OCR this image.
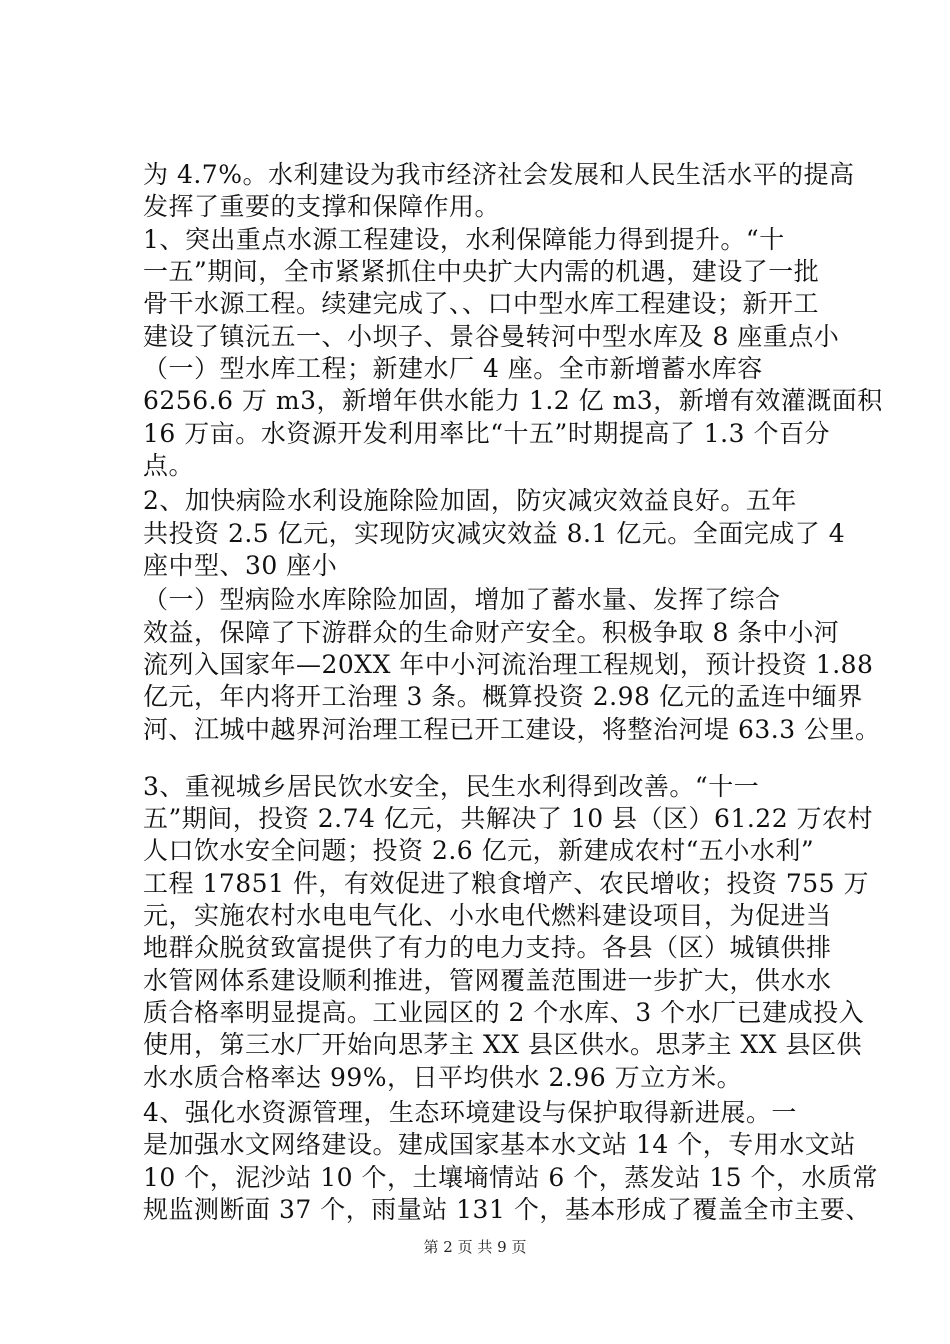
为 4.7%。水利建设为我市经济社会发展和人民生活水平的提高
发挥了重要的支撑和保障作用。
1、突出重点水源工程建设，水利保障能力得到提升。“十
一五”期间，全市紧紧抓住中央扩大内需的机遇，建设了一批
骨干水源工程。续建完成了、、口中型水库工程建设；新开工
建设了镇沅五一、小坝子、景谷曼转河中型水库及 8 座重点小
（一）型水库工程；新建水厂 4 座。全市新增蓄水库容
6256.6 万 m3，新增年供水能力 1.2 亿 m3，新增有效灌溉面积
16 万亩。水资源开发利用率比“十五”时期提高了 1.3 个百分
点。
2、加快病险水利设施除险加固，防灾减灾效益良好。五年
共投资 2.5 亿元，实现防灾减灾效益 8.1 亿元。全面完成了 4
座中型、30 座小
（一）型病险水库除险加固，增加了蓄水量、发挥了综合
效益，保障了下游群众的生命财产安全。积极争取 8 条中小河
流列入国家年—20XX 年中小河流治理工程规划，预计投资 1.88
亿元，年内将开工治理 3 条。概算投资 2.98 亿元的孟连中缅界
河、江城中越界河治理工程已开工建设，将整治河堤 63.3 公里。
3、重视城乡居民饮水安全，民生水利得到改善。“十一
五”期间，投资 2.74 亿元，共解决了 10 县（区）61.22 万农村
人口饮水安全问题；投资 2.6 亿元，新建成农村“五小水利”
工程 17851 件，有效促进了粮食增产、农民增收；投资 755 万
元，实施农村水电电气化、小水电代燃料建设项目，为促进当
地群众脱贫致富提供了有力的电力支持。各县（区）城镇供排
水管网体系建设顺利推进，管网覆盖范围进一步扩大，供水水
质合格率明显提高。工业园区的 2 个水库、3 个水厂已建成投入
使用，第三水厂开始向思茅主 XX 县区供水。思茅主 XX 县区供
水水质合格率达 99%，日平均供水 2.96 万立方米。
4、强化水资源管理，生态环境建设与保护取得新进展。一
是加强水文网络建设。建成国家基本水文站 14 个，专用水文站
第 2 页 共 9 页
10 个，泥沙站 10 个，土壤墒情站 6 个，蒸发站 15 个，水质常
规监测断面 37 个，雨量站 131 个，基本形成了覆盖全市主要、
